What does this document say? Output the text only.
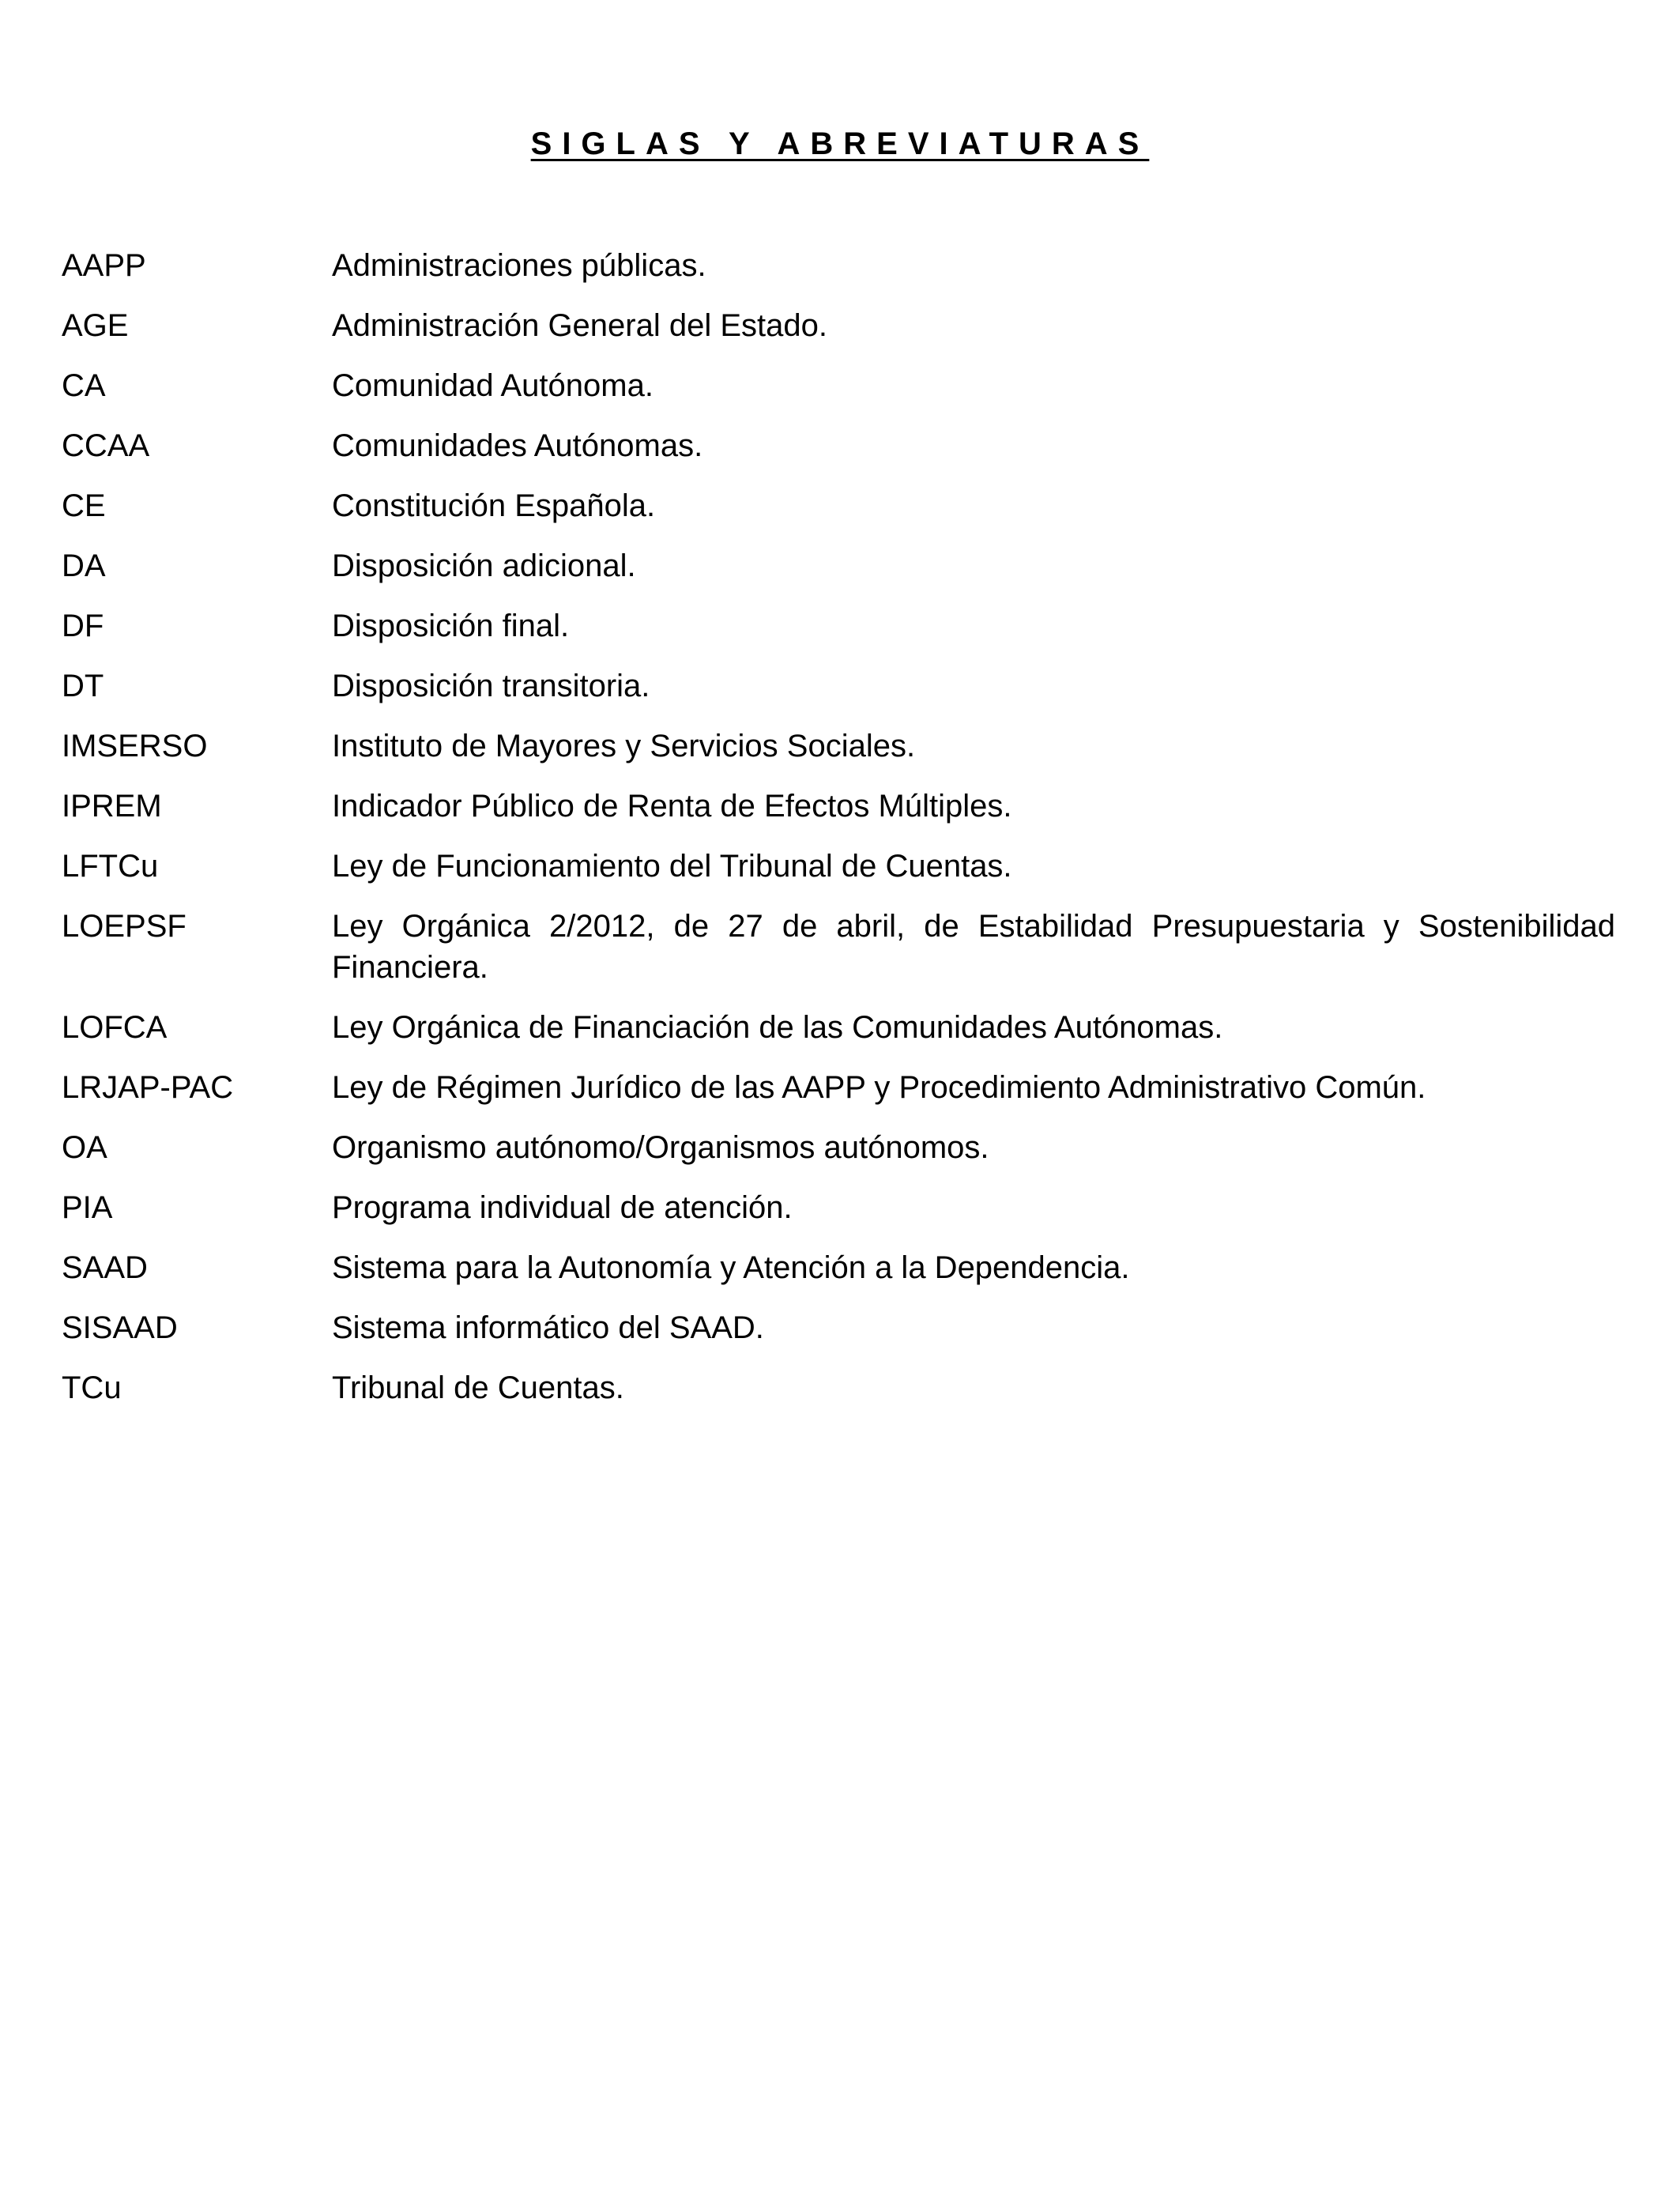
SIGLAS Y ABREVIATURAS
AAPP	Administraciones públicas.
AGE	Administración General del Estado.
CA	Comunidad Autónoma.
CCAA	Comunidades Autónomas.
CE	Constitución Española.
DA	Disposición adicional.
DF	Disposición final.
DT	Disposición transitoria.
IMSERSO	Instituto de Mayores y Servicios Sociales.
IPREM	Indicador Público de Renta de Efectos Múltiples.
LFTCu	Ley de Funcionamiento del Tribunal de Cuentas.
LOEPSF	Ley Orgánica 2/2012, de 27 de abril, de Estabilidad Presupuestaria y Sostenibilidad Financiera.
LOFCA	Ley Orgánica de Financiación de las Comunidades Autónomas.
LRJAP-PAC	Ley de Régimen Jurídico de las AAPP y Procedimiento Administrativo Común.
OA	Organismo autónomo/Organismos autónomos.
PIA	Programa individual de atención.
SAAD	Sistema para la Autonomía y Atención a la Dependencia.
SISAAD	Sistema informático del SAAD.
TCu	Tribunal de Cuentas.
